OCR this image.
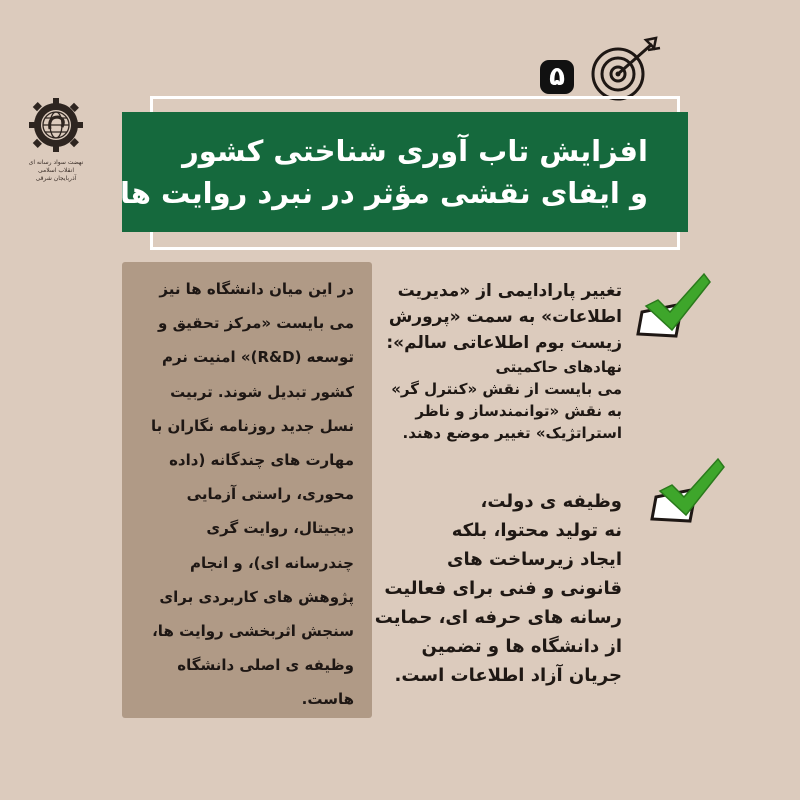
نهضت سواد رسانه ای انقلاب اسلامی
آذربایجان شرقی
۵
افزایش تاب آوری شناختی کشور
و ایفای نقشی مؤثر در نبرد روایت ها
در این میان دانشگاه ها نیز
می بایست «مرکز تحقیق و
توسعه (R&D)» امنیت نرم
کشور تبدیل شوند. تربیت
نسل جدید روزنامه نگاران با
مهارت های چندگانه (داده
محوری، راستی آزمایی
دیجیتال، روایت گری
چندرسانه ای)، و انجام
پژوهش های کاربردی برای
سنجش اثربخشی روایت ها،
وظیفه ی اصلی دانشگاه
هاست.
تغییر پارادایمی از «مدیریت
اطلاعات» به سمت «پرورش
زیست بوم اطلاعاتی سالم»:
نهادهای حاکمیتی
می بایست از نقش «کنترل گر»
به نقش «توانمندساز و ناظر
استراتژیک» تغییر موضع دهند.
وظیفه ی دولت،
نه تولید محتوا، بلکه
ایجاد زیرساخت های
قانونی و فنی برای فعالیت
رسانه های حرفه ای، حمایت
از دانشگاه ها و تضمین
جریان آزاد اطلاعات است.
